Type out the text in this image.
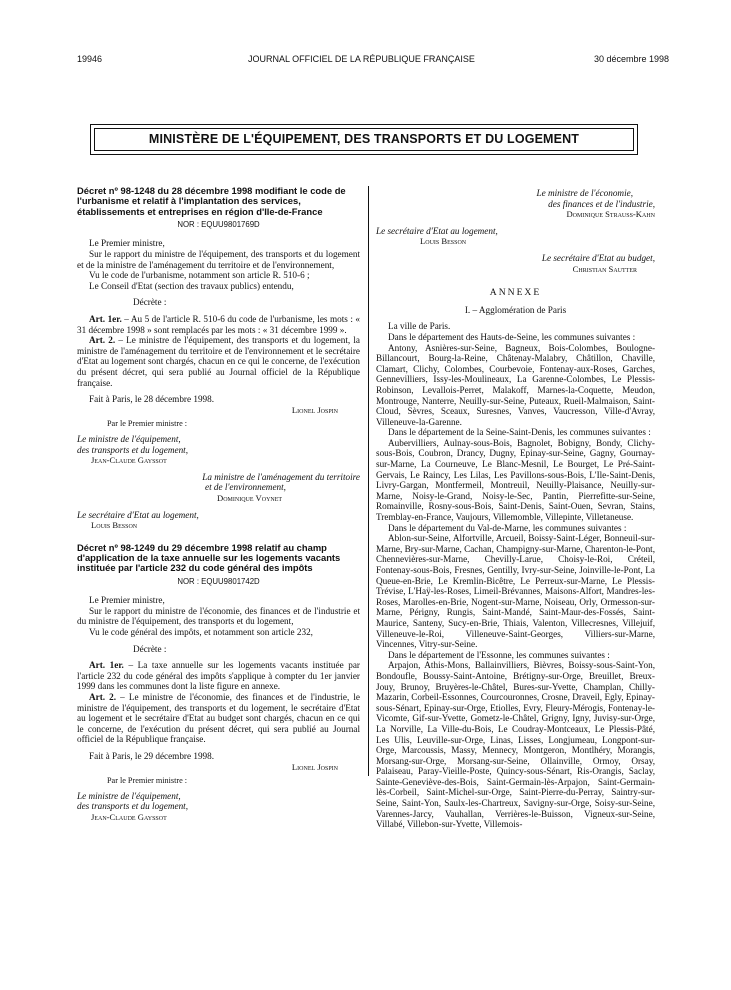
19946	JOURNAL OFFICIEL DE LA RÉPUBLIQUE FRANÇAISE	30 décembre 1998
MINISTÈRE DE L'ÉQUIPEMENT, DES TRANSPORTS ET DU LOGEMENT
Décret nº 98-1248 du 28 décembre 1998 modifiant le code de l'urbanisme et relatif à l'implantation des services, établissements et entreprises en région d'Ile-de-France
NOR : EQUU9801769D

Le Premier ministre,

Sur le rapport du ministre de l'équipement, des transports et du logement et de la ministre de l'aménagement du territoire et de l'environnement,

Vu le code de l'urbanisme, notamment son article R. 510-6 ;

Le Conseil d'Etat (section des travaux publics) entendu,

Décrète :

Art. 1er. – Au 5 de l'article R. 510-6 du code de l'urbanisme, les mots : « 31 décembre 1998 » sont remplacés par les mots : « 31 décembre 1999 ».

Art. 2. – Le ministre de l'équipement, des transports et du logement, la ministre de l'aménagement du territoire et de l'environnement et le secrétaire d'Etat au logement sont chargés, chacun en ce qui le concerne, de l'exécution du présent décret, qui sera publié au Journal officiel de la République française.

Fait à Paris, le 28 décembre 1998.

Lionel Jospin
Par le Premier ministre :
Le ministre de l'équipement,
des transports et du logement,
Jean-Claude Gayssot
La ministre de l'aménagement du territoire
et de l'environnement,
Dominique Voynet
Le secrétaire d'Etat au logement,
Louis Besson
Décret nº 98-1249 du 29 décembre 1998 relatif au champ d'application de la taxe annuelle sur les logements vacants instituée par l'article 232 du code général des impôts
NOR : EQUU9801742D

Le Premier ministre,

Sur le rapport du ministre de l'économie, des finances et de l'industrie et du ministre de l'équipement, des transports et du logement,

Vu le code général des impôts, et notamment son article 232,

Décrète :

Art. 1er. – La taxe annuelle sur les logements vacants instituée par l'article 232 du code général des impôts s'applique à compter du 1er janvier 1999 dans les communes dont la liste figure en annexe.

Art. 2. – Le ministre de l'économie, des finances et de l'industrie, le ministre de l'équipement, des transports et du logement, le secrétaire d'Etat au logement et le secrétaire d'Etat au budget sont chargés, chacun en ce qui le concerne, de l'exécution du présent décret, qui sera publié au Journal officiel de la République française.

Fait à Paris, le 29 décembre 1998.

Lionel Jospin
Par le Premier ministre :
Le ministre de l'équipement,
des transports et du logement,
Jean-Claude Gayssot
Le ministre de l'économie,
des finances et de l'industrie,
Dominique Strauss-Kahn
Le secrétaire d'Etat au logement,
Louis Besson
Le secrétaire d'Etat au budget,
Christian Sautter
ANNEXE
I. – Agglomération de Paris

La ville de Paris.

Dans le département des Hauts-de-Seine, les communes suivantes :

Antony, Asnières-sur-Seine, Bagneux, Bois-Colombes, Boulogne-Billancourt, Bourg-la-Reine, Châtenay-Malabry, Châtillon, Chaville, Clamart, Clichy, Colombes, Courbevoie, Fontenay-aux-Roses, Garches, Gennevilliers, Issy-les-Moulineaux, La Garenne-Colombes, Le Plessis-Robinson, Levallois-Perret, Malakoff, Marnes-la-Coquette, Meudon, Montrouge, Nanterre, Neuilly-sur-Seine, Puteaux, Rueil-Malmaison, Saint-Cloud, Sèvres, Sceaux, Suresnes, Vanves, Vaucresson, Ville-d'Avray, Villeneuve-la-Garenne.

Dans le département de la Seine-Saint-Denis, les communes suivantes :

Aubervilliers, Aulnay-sous-Bois, Bagnolet, Bobigny, Bondy, Clichy-sous-Bois, Coubron, Drancy, Dugny, Epinay-sur-Seine, Gagny, Gournay-sur-Marne, La Courneuve, Le Blanc-Mesnil, Le Bourget, Le Pré-Saint-Gervais, Le Raincy, Les Lilas, Les Pavillons-sous-Bois, L'Ile-Saint-Denis, Livry-Gargan, Montfermeil, Montreuil, Neuilly-Plaisance, Neuilly-sur-Marne, Noisy-le-Grand, Noisy-le-Sec, Pantin, Pierrefitte-sur-Seine, Romainville, Rosny-sous-Bois, Saint-Denis, Saint-Ouen, Sevran, Stains, Tremblay-en-France, Vaujours, Villemomble, Villepinte, Villetaneuse.

Dans le département du Val-de-Marne, les communes suivantes :

Ablon-sur-Seine, Alfortville, Arcueil, Boissy-Saint-Léger, Bonneuil-sur-Marne, Bry-sur-Marne, Cachan, Champigny-sur-Marne, Charenton-le-Pont, Chennevières-sur-Marne, Chevilly-Larue, Choisy-le-Roi, Créteil, Fontenay-sous-Bois, Fresnes, Gentilly, Ivry-sur-Seine, Joinville-le-Pont, La Queue-en-Brie, Le Kremlin-Bicêtre, Le Perreux-sur-Marne, Le Plessis-Trévise, L'Haÿ-les-Roses, Limeil-Brévannes, Maisons-Alfort, Mandres-les-Roses, Marolles-en-Brie, Nogent-sur-Marne, Noiseau, Orly, Ormesson-sur-Marne, Périgny, Rungis, Saint-Mandé, Saint-Maur-des-Fossés, Saint-Maurice, Santeny, Sucy-en-Brie, Thiais, Valenton, Villecresnes, Villejuif, Villeneuve-le-Roi, Villeneuve-Saint-Georges, Villiers-sur-Marne, Vincennes, Vitry-sur-Seine.

Dans le département de l'Essonne, les communes suivantes :

Arpajon, Athis-Mons, Ballainvilliers, Bièvres, Boissy-sous-Saint-Yon, Bondoufle, Boussy-Saint-Antoine, Brétigny-sur-Orge, Breuillet, Breux-Jouy, Brunoy, Bruyères-le-Châtel, Bures-sur-Yvette, Champlan, Chilly-Mazarin, Corbeil-Essonnes, Courcouronnes, Crosne, Draveil, Egly, Epinay-sous-Sénart, Epinay-sur-Orge, Etiolles, Evry, Fleury-Mérogis, Fontenay-le-Vicomte, Gif-sur-Yvette, Gometz-le-Châtel, Grigny, Igny, Juvisy-sur-Orge, La Norville, La Ville-du-Bois, Le Coudray-Montceaux, Le Plessis-Pâté, Les Ulis, Leuville-sur-Orge, Linas, Lisses, Longjumeau, Longpont-sur-Orge, Marcoussis, Massy, Mennecy, Montgeron, Montlhéry, Morangis, Morsang-sur-Orge, Morsang-sur-Seine, Ollainville, Ormoy, Orsay, Palaiseau, Paray-Vieille-Poste, Quincy-sous-Sénart, Ris-Orangis, Saclay, Sainte-Geneviève-des-Bois, Saint-Germain-lès-Arpajon, Saint-Germain-lès-Corbeil, Saint-Michel-sur-Orge, Saint-Pierre-du-Perray, Saintry-sur-Seine, Saint-Yon, Saulx-les-Chartreux, Savigny-sur-Orge, Soisy-sur-Seine, Varennes-Jarcy, Vauhallan, Verrières-le-Buisson, Vigneux-sur-Seine, Villabé, Villebon-sur-Yvette, Villemois-
